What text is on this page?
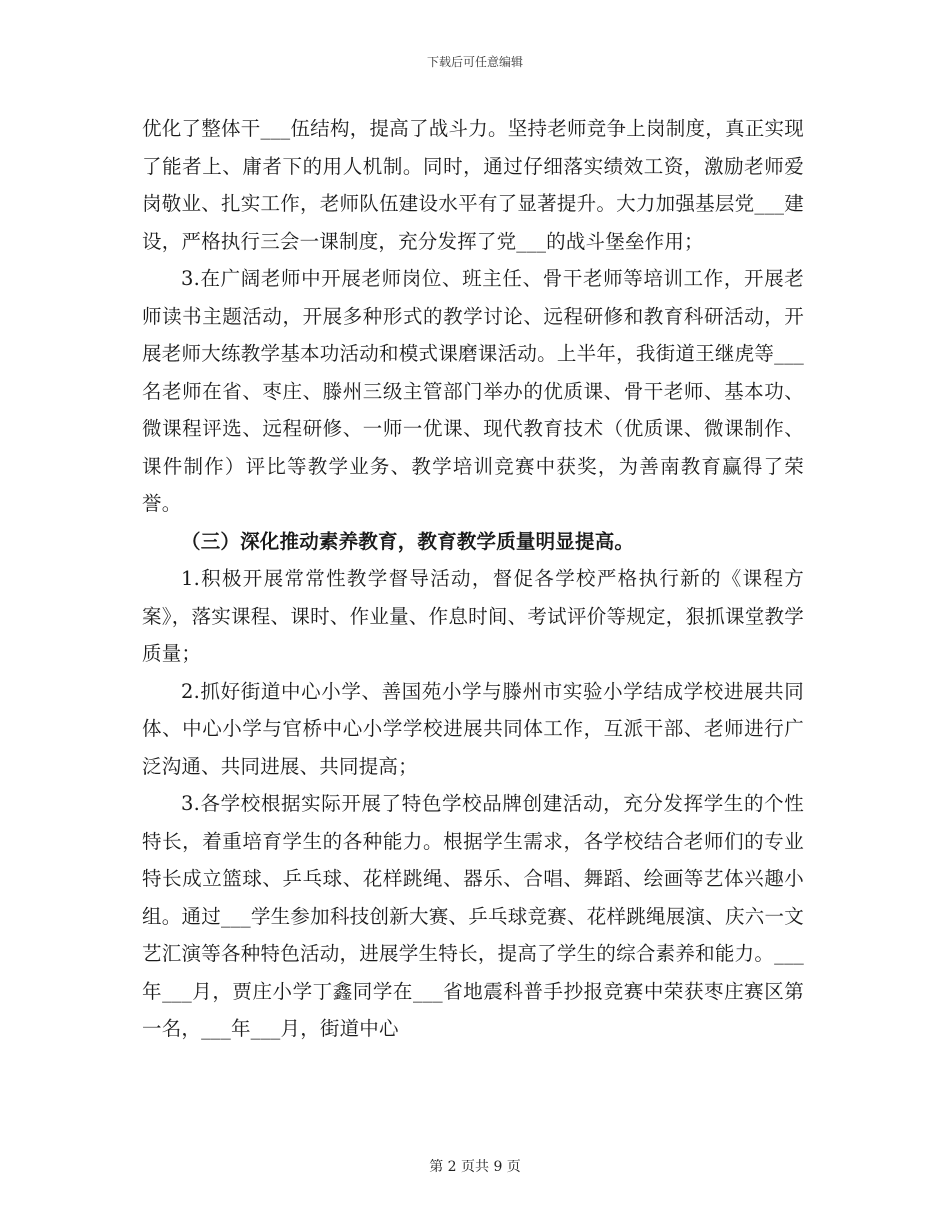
下载后可任意编辑

优化了整体干___伍结构，提高了战斗力。坚持老师竞争上岗制度，真正实现了能者上、庸者下的用人机制。同时，通过仔细落实绩效工资，激励老师爱岗敬业、扎实工作，老师队伍建设水平有了显著提升。大力加强基层党___建设，严格执行三会一课制度，充分发挥了党___的战斗堡垒作用；

3.在广阔老师中开展老师岗位、班主任、骨干老师等培训工作，开展老师读书主题活动，开展多种形式的教学讨论、远程研修和教育科研活动，开展老师大练教学基本功活动和模式课磨课活动。上半年，我街道王继虎等___名老师在省、枣庄、滕州三级主管部门举办的优质课、骨干老师、基本功、微课程评选、远程研修、一师一优课、现代教育技术（优质课、微课制作、课件制作）评比等教学业务、教学培训竞赛中获奖，为善南教育赢得了荣誉。

（三）深化推动素养教育，教育教学质量明显提高。

1.积极开展常常性教学督导活动，督促各学校严格执行新的《课程方案》，落实课程、课时、作业量、作息时间、考试评价等规定，狠抓课堂教学质量；

2.抓好街道中心小学、善国苑小学与滕州市实验小学结成学校进展共同体、中心小学与官桥中心小学学校进展共同体工作，互派干部、老师进行广泛沟通、共同进展、共同提高；

3.各学校根据实际开展了特色学校品牌创建活动，充分发挥学生的个性特长，着重培育学生的各种能力。根据学生需求，各学校结合老师们的专业特长成立篮球、乒乓球、花样跳绳、器乐、合唱、舞蹈、绘画等艺体兴趣小组。通过___学生参加科技创新大赛、乒乓球竞赛、花样跳绳展演、庆六一文艺汇演等各种特色活动，进展学生特长，提高了学生的综合素养和能力。___年___月，贾庄小学丁鑫同学在___省地震科普手抄报竞赛中荣获枣庄赛区第一名，___年___月，街道中心

第 2 页共 9 页
